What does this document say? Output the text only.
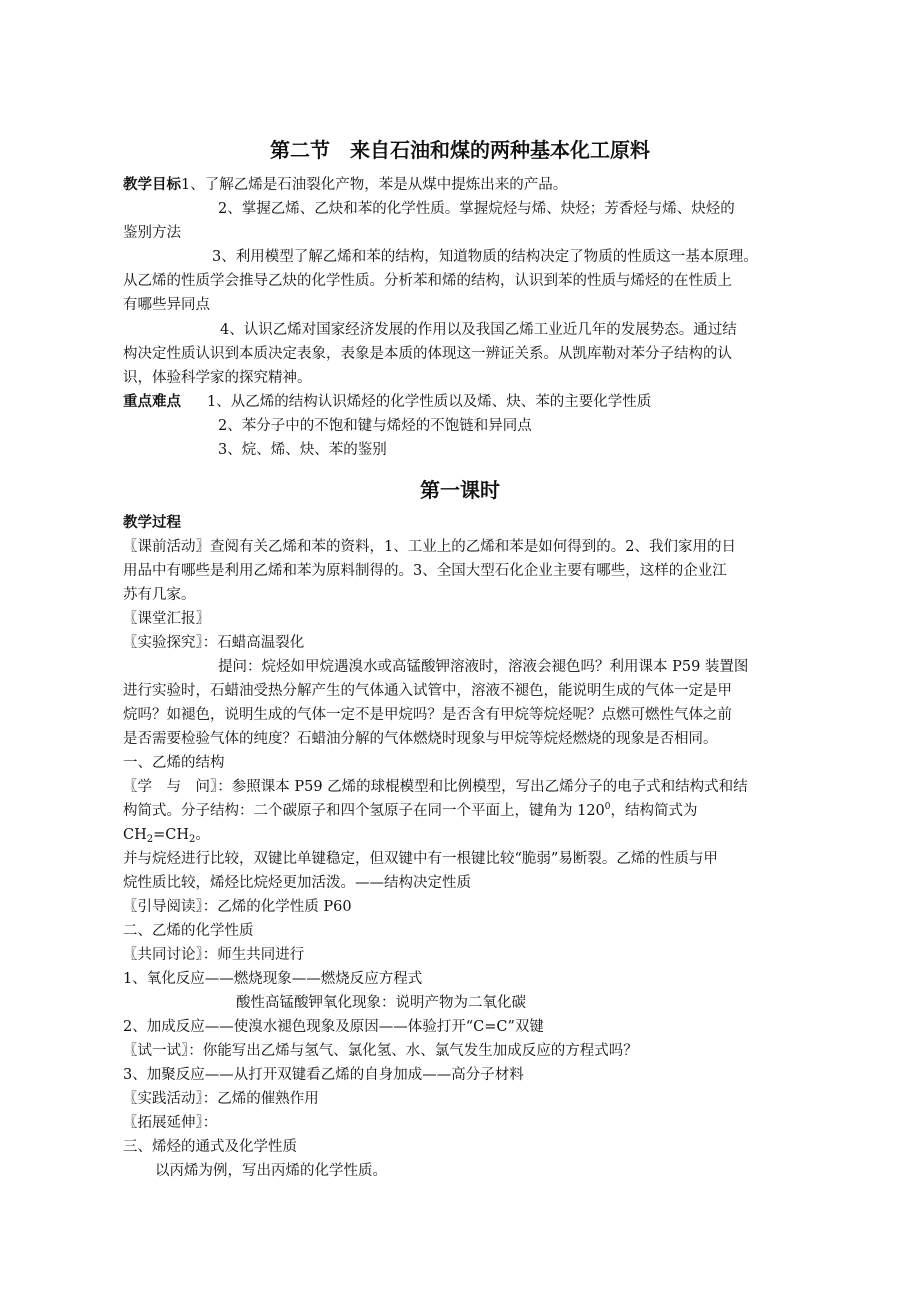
第二节　来自石油和煤的两种基本化工原料
教学目标1、了解乙烯是石油裂化产物，苯是从煤中提炼出来的产品。
2、掌握乙烯、乙炔和苯的化学性质。掌握烷烃与烯、炔烃；芳香烃与烯、炔烃的
鉴别方法
3、利用模型了解乙烯和苯的结构，知道物质的结构决定了物质的性质这一基本原理。
从乙烯的性质学会推导乙炔的化学性质。分析苯和烯的结构，认识到苯的性质与烯烃的在性质上
有哪些异同点
4、认识乙烯对国家经济发展的作用以及我国乙烯工业近几年的发展势态。通过结
构决定性质认识到本质决定表象，表象是本质的体现这一辨证关系。从凯库勒对苯分子结构的认
识，体验科学家的探究精神。
重点难点 1、从乙烯的结构认识烯烃的化学性质以及烯、炔、苯的主要化学性质
2、苯分子中的不饱和键与烯烃的不饱链和异同点
3、烷、烯、炔、苯的鉴别
第一课时
教学过程
〖课前活动〗查阅有关乙烯和苯的资料，1、工业上的乙烯和苯是如何得到的。2、我们家用的日
用品中有哪些是利用乙烯和苯为原料制得的。3、全国大型石化企业主要有哪些，这样的企业江
苏有几家。
〖课堂汇报〗
〖实验探究〗：石蜡高温裂化
提问：烷烃如甲烷遇溴水或高锰酸钾溶液时，溶液会褪色吗？利用课本 P59 装置图
进行实验时，石蜡油受热分解产生的气体通入试管中，溶液不褪色，能说明生成的气体一定是甲
烷吗？如褪色，说明生成的气体一定不是甲烷吗？是否含有甲烷等烷烃呢？点燃可燃性气体之前
是否需要检验气体的纯度？石蜡油分解的气体燃烧时现象与甲烷等烷烃燃烧的现象是否相同。
一、乙烯的结构
〖学　与　问〗：参照课本 P59 乙烯的球棍模型和比例模型，写出乙烯分子的电子式和结构式和结
构简式。分子结构：二个碳原子和四个氢原子在同一个平面上，键角为 $120^0$，结构简式为
$CH_2=CH_2$。
并与烷烃进行比较，双键比单键稳定，但双键中有一根键比较“脆弱”易断裂。乙烯的性质与甲
烷性质比较，烯烃比烷烃更加活泼。——结构决定性质
〖引导阅读〗：乙烯的化学性质 P60
二、乙烯的化学性质
〖共同讨论〗：师生共同进行
1、氧化反应——燃烧现象——燃烧反应方程式
酸性高锰酸钾氧化现象：说明产物为二氧化碳
2、加成反应——使溴水褪色现象及原因——体验打开“C=C”双键
〖试一试〗：你能写出乙烯与氢气、氯化氢、水、氯气发生加成反应的方程式吗？
3、加聚反应——从打开双键看乙烯的自身加成——高分子材料
〖实践活动〗：乙烯的催熟作用
〖拓展延伸〗：
三、烯烃的通式及化学性质
以丙烯为例，写出丙烯的化学性质。
